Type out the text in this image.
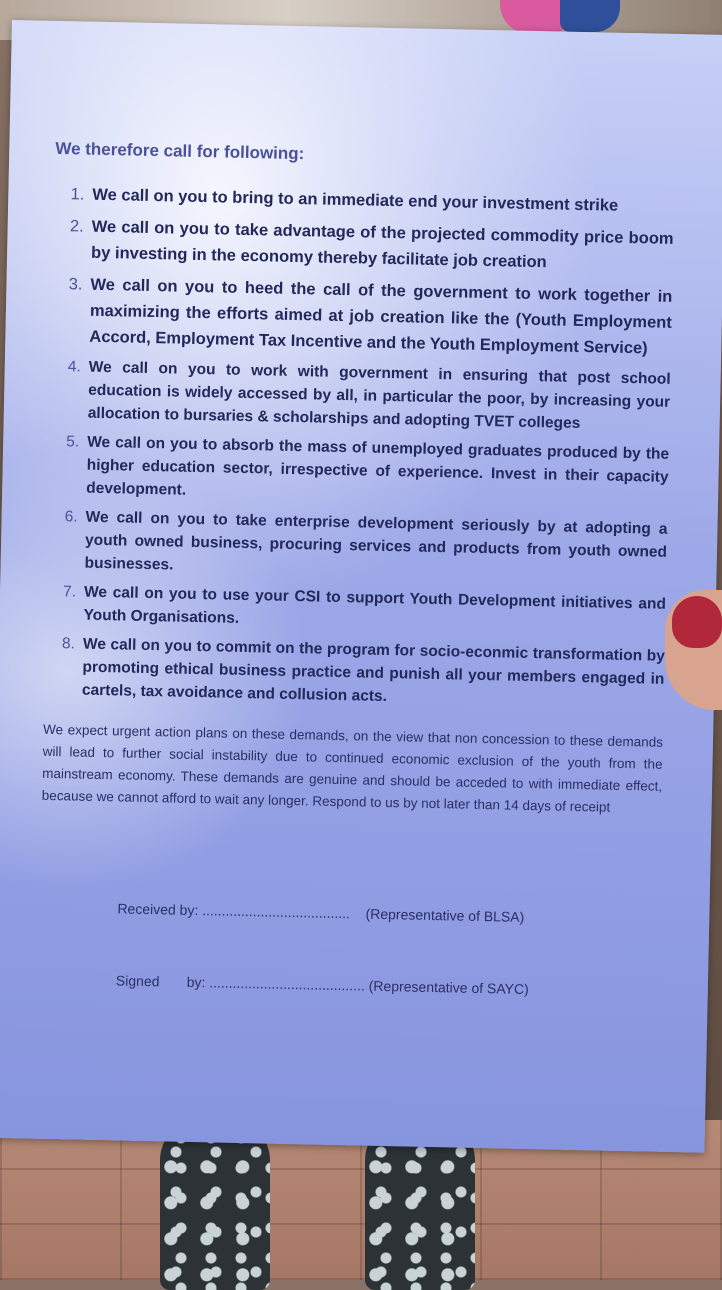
We therefore call for following:

1. We call on you to bring to an immediate end your investment strike
2. We call on you to take advantage of the projected commodity price boom by investing in the economy thereby facilitate job creation
3. We call on you to heed the call of the government to work together in maximizing the efforts aimed at job creation like the (Youth Employment Accord, Employment Tax Incentive and the Youth Employment Service)
4. We call on you to work with government in ensuring that post school education is widely accessed by all, in particular the poor, by increasing your allocation to bursaries & scholarships and adopting TVET colleges
5. We call on you to absorb the mass of unemployed graduates produced by the higher education sector, irrespective of experience. Invest in their capacity development.
6. We call on you to take enterprise development seriously by at adopting a youth owned business, procuring services and products from youth owned businesses.
7. We call on you to use your CSI to support Youth Development initiatives and Youth Organisations.
8. We call on you to commit on the program for socio-econmic transformation by promoting ethical business practice and punish all your members engaged in cartels, tax avoidance and collusion acts.

We expect urgent action plans on these demands, on the view that non concession to these demands will lead to further social instability due to continued economic exclusion of the youth from the mainstream economy. These demands are genuine and should be acceded to with immediate effect, because we cannot afford to wait any longer. Respond to us by not later than 14 days of receipt

Received by: ...................................... (Representative of BLSA)

Signed by: ........................................ (Representative of SAYC)
